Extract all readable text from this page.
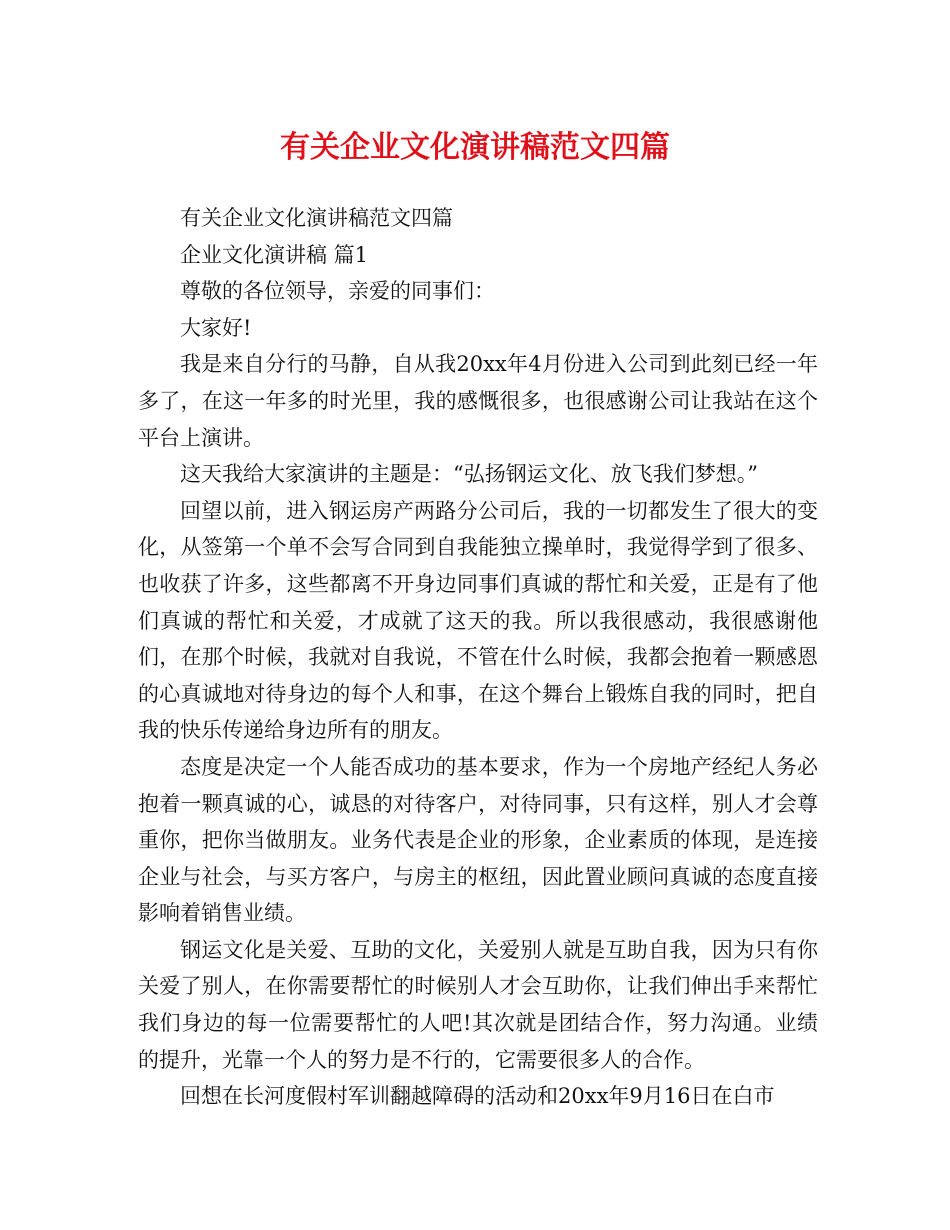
有关企业文化演讲稿范文四篇

有关企业文化演讲稿范文四篇

企业文化演讲稿 篇1

尊敬的各位领导，亲爱的同事们：

大家好!

我是来自分行的马静，自从我20xx年4月份进入公司到此刻已经一年多了，在这一年多的时光里，我的感慨很多，也很感谢公司让我站在这个平台上演讲。

这天我给大家演讲的主题是：“弘扬钢运文化、放飞我们梦想。”

回望以前，进入钢运房产两路分公司后，我的一切都发生了很大的变化，从签第一个单不会写合同到自我能独立操单时，我觉得学到了很多、也收获了许多，这些都离不开身边同事们真诚的帮忙和关爱，正是有了他们真诚的帮忙和关爱，才成就了这天的我。所以我很感动，我很感谢他们，在那个时候，我就对自我说，不管在什么时候，我都会抱着一颗感恩的心真诚地对待身边的每个人和事，在这个舞台上锻炼自我的同时，把自我的快乐传递给身边所有的朋友。

态度是决定一个人能否成功的基本要求，作为一个房地产经纪人务必抱着一颗真诚的心，诚恳的对待客户，对待同事，只有这样，别人才会尊重你，把你当做朋友。业务代表是企业的形象，企业素质的体现，是连接企业与社会，与买方客户，与房主的枢纽，因此置业顾问真诚的态度直接影响着销售业绩。

钢运文化是关爱、互助的文化，关爱别人就是互助自我，因为只有你关爱了别人，在你需要帮忙的时候别人才会互助你，让我们伸出手来帮忙我们身边的每一位需要帮忙的人吧!其次就是团结合作，努力沟通。业绩的提升，光靠一个人的努力是不行的，它需要很多人的合作。

回想在长河度假村军训翻越障碍的活动和20xx年9月16日在白市
